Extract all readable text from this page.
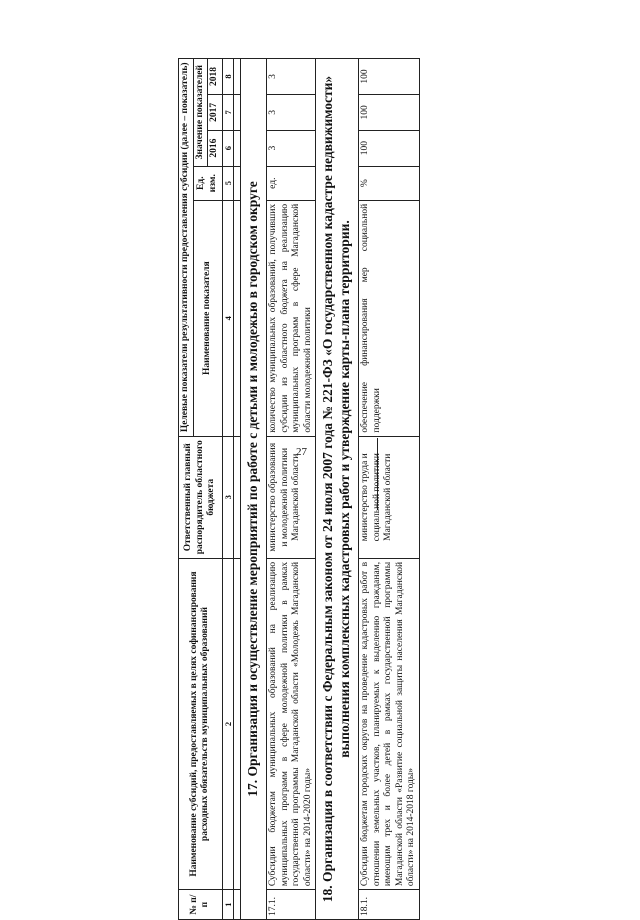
27
№ п/п	Наименование субсидий, предоставляемых в целях софинансирования расходных обязательств муниципальных образований	Ответственный главный распорядитель областного бюджета	Целевые показатели результативности предоставления субсидии (далее – показатель)				
			Наименование показателя	Ед. изм.	Значение показателей		
					2016	2017	2018
1	2	3	4	5	6	7	8

17. Организация и осуществление мероприятий по работе с детьми и молодежью в городском округе							
17.1.	Субсидии бюджетам муниципальных образований на реализацию муниципальных программ в сфере молодежной политики в рамках государственной программы Магаданской области «Молодежь Магаданской области» на 2014-2020 годы»	министерство образования и молодежной политики Магаданской области	количество муниципальных образований, получивших субсидии из областного бюджета на реализацию муниципальных программ в сфере Магаданской области молодежной политики	ед.	3	3	3
18. Организация в соответствии с Федеральным законом от 24 июля 2007 года № 221-ФЗ «О государственном кадастре недвижимости» выполнения комплексных кадастровых работ и утверждение карты-плана территории.							
18.1.	Субсидии бюджетам городских округов на проведение кадастровых работ в отношении земельных участков, планируемых к выделению гражданам, имеющим трех и более детей в рамках государственной программы Магаданской области «Развитие социальной защиты населения Магаданской области» на 2014-2018 годы»	министерство труда и социальной политики Магаданской области	обеспечение финансирования мер социальной поддержки	%	100	100	100
